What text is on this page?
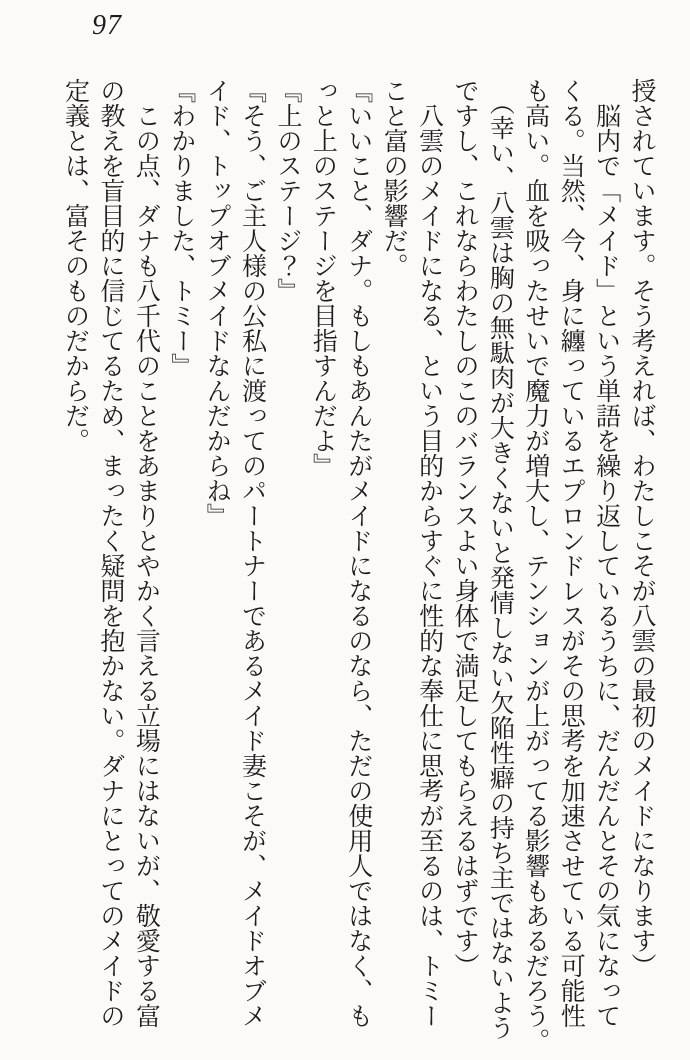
97

授されています。そう考えれば、わたしこそが八雲の最初のメイドになります）

脳内で「メイド」という単語を繰り返しているうちに、だんだんとその気になって

くる。当然、今、身に纏っているエプロンドレスがその思考を加速させている可能性

も高い。血を吸ったせいで魔力が増大し、テンションが上がってる影響もあるだろう。

（幸い、八雲は胸の無駄肉が大きくないと発情しない欠陥性癖の持ち主ではないよう

ですし、これならわたしのこのバランスよい身体で満足してもらえるはずです）

八雲のメイドになる、という目的からすぐに性的な奉仕に思考が至るのは、トミー

こと富の影響だ。

『いいこと、ダナ。もしもあんたがメイドになるのなら、ただの使用人ではなく、も

っと上のステージを目指すんだよ』

『上のステージ？』

『そう、ご主人様の公私に渡ってのパートナーであるメイド妻こそが、メイドオブメ

イド、トップオブメイドなんだからね』

『わかりました、トミー』

この点、ダナも八千代のことをあまりとやかく言える立場にはないが、敬愛する富

の教えを盲目的に信じてるため、まったく疑問を抱かない。ダナにとってのメイドの

定義とは、富そのものだからだ。
